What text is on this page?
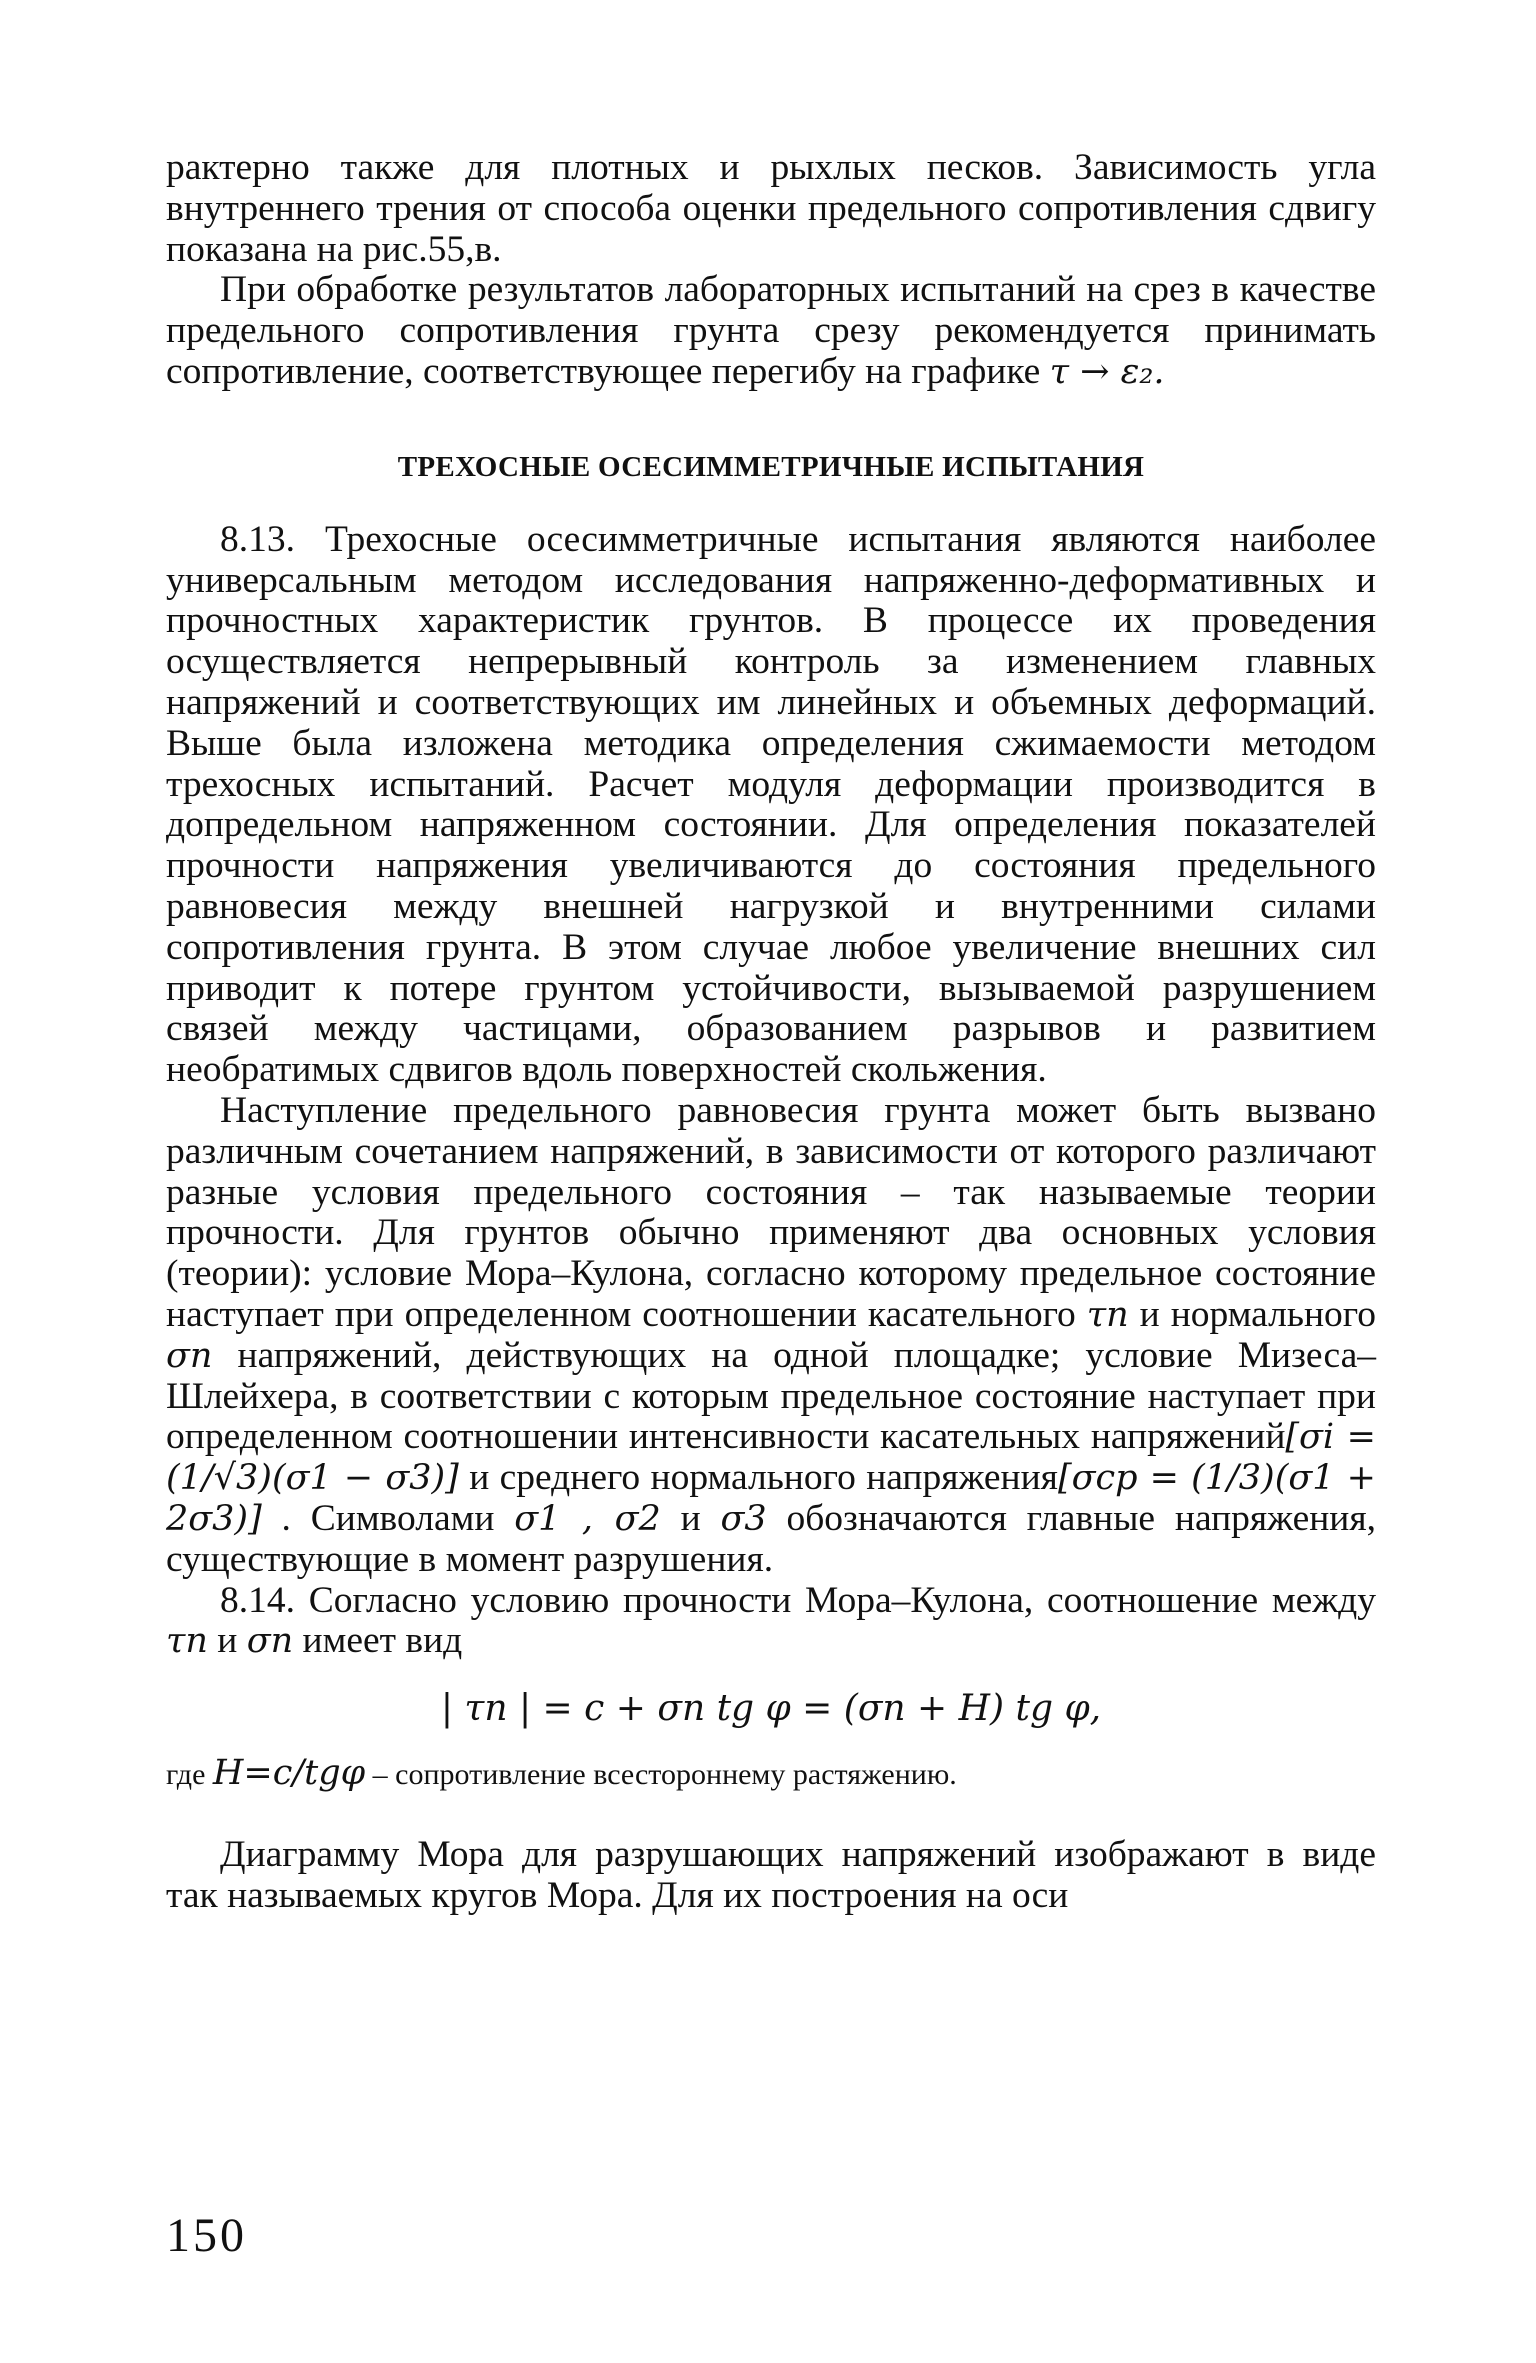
рактерно также для плотных и рыхлых песков. Зависимость угла внутреннего трения от способа оценки предельного сопротивления сдвигу показана на рис.55,в.

При обработке результатов лабораторных испытаний на срез в качестве предельного сопротивления грунта срезу рекомендуется принимать сопротивление, соответствующее перегибу на графике τ → ε₂.

ТРЕХОСНЫЕ ОСЕСИММЕТРИЧНЫЕ ИСПЫТАНИЯ

8.13. Трехосные осесимметричные испытания являются наиболее универсальным методом исследования напряженно-деформативных и прочностных характеристик грунтов. В процессе их проведения осуществляется непрерывный контроль за изменением главных напряжений и соответствующих им линейных и объемных деформаций. Выше была изложена методика определения сжимаемости методом трехосных испытаний. Расчет модуля деформации производится в допредельном напряженном состоянии. Для определения показателей прочности напряжения увеличиваются до состояния предельного равновесия между внешней нагрузкой и внутренними силами сопротивления грунта. В этом случае любое увеличение внешних сил приводит к потере грунтом устойчивости, вызываемой разрушением связей между частицами, образованием разрывов и развитием необратимых сдвигов вдоль поверхностей скольжения.

Наступление предельного равновесия грунта может быть вызвано различным сочетанием напряжений, в зависимости от которого различают разные условия предельного состояния – так называемые теории прочности. Для грунтов обычно применяют два основных условия (теории): условие Мора–Кулона, согласно которому предельное состояние наступает при определенном соотношении касательного τn и нормального σn напряжений, действующих на одной площадке; условие Мизеса–Шлейхера, в соответствии с которым предельное состояние наступает при определенном соотношении интенсивности касательных напряжений[σi = (1/√3)(σ1 − σ3)] и среднего нормального напряжения[σср = (1/3)(σ1 + 2σ3)] . Символами σ1 , σ2 и σ3 обозначаются главные напряжения, существующие в момент разрушения.

8.14. Согласно условию прочности Мора–Кулона, соотношение между τn и σn имеет вид

| τn | = c + σn tg φ = (σn + H) tg φ,

где H=c/tgφ – сопротивление всестороннему растяжению.

Диаграмму Мора для разрушающих напряжений изображают в виде так называемых кругов Мора. Для их построения на оси

150
